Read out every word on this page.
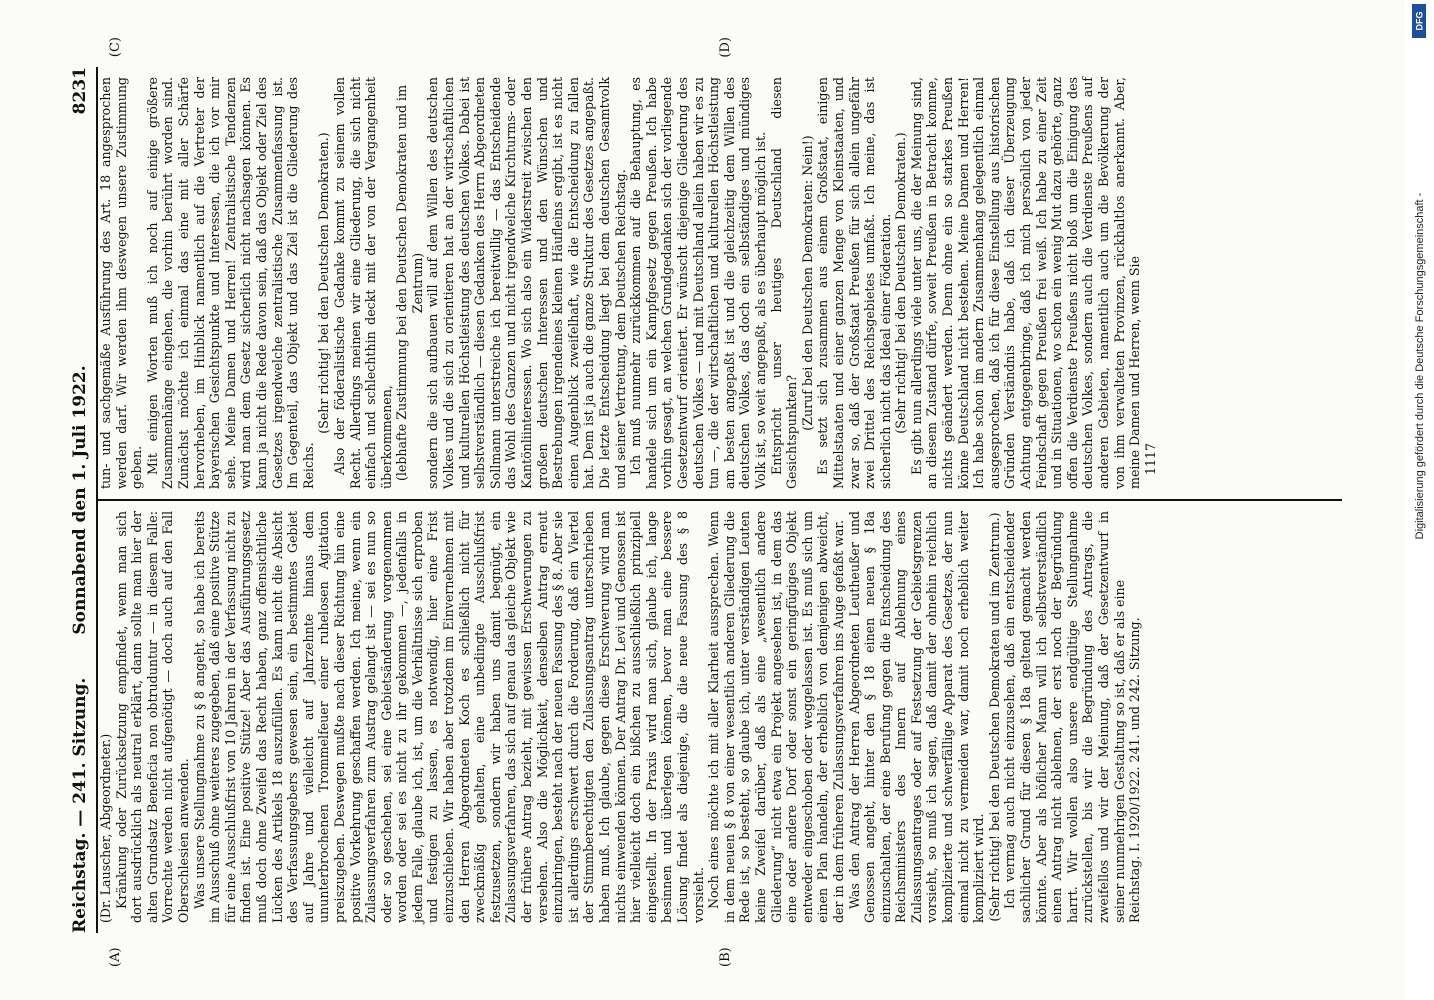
Reichstag. — 241. Sitzung.
Sonnabend den 1. Juli 1922.
8231
(A)	(B)

(Dr. Lauscher, Abgeordneter.) Kränkung oder Zurücksetzung empfindet, wenn man sich dort ausdrücklich als neutral erklärt, dann sollte man hier der alten Grundsatz Beneficia non obtruduntur — in diesem Falle: Vorrechte werden nicht aufgenötigt — doch auch auf den Fall Oberschlesien anwenden. Was unsere Stellungnahme zu § 8 angeht, so habe ich bereits im Ausschuß ohne weiteres zugegeben, daß eine positive Stütze für eine Ausschlußfrist von 10 Jahren in der Verfassung nicht zu finden ist. Eine positive Stütze! Aber das Ausführungsgesetz muß doch ohne Zweifel das Recht haben, ganz offensichtliche Lücken des Artikels 18 auszufüllen. Es kann nicht die Absicht des Verfassungsgebers gewesen sein, ein bestimmtes Gebiet auf Jahre und vielleicht auf Jahrzehnte hinaus dem ununterbrochenen Trommelfeuer einer ruhelosen Agitation preiszugeben. Deswegen mußte nach dieser Richtung hin eine positive Vorkehrung geschaffen werden. Ich meine, wenn ein Zulassungsverfahren zum Austrag gelangt ist — sei es nun so oder so geschehen, sei eine Gebietsänderung vorgenommen worden oder sei es nicht zu ihr gekommen —, jedenfalls in jedem Falle, glaube ich, ist, um die Verhältnisse sich erproben und festigen zu lassen, es notwendig, hier eine Frist einzuschieben. Wir haben aber trotzdem im Einvernehmen mit den Herren Abgeordneten Koch es schließlich nicht für zweckmäßig gehalten, eine unbedingte Ausschlußfrist festzusetzen, sondern wir haben uns damit begnügt, ein Zulassungsverfahren, das sich auf genau das gleiche Objekt wie der frühere Antrag bezieht, mit gewissen Erschwerungen zu versehen. Also die Möglichkeit, denselben Antrag erneut einzubringen, besteht nach der neuen Fassung des § 8. Aber sie ist allerdings erschwert durch die Forderung, daß ein Viertel der Stimmberechtigten den Zulassungsantrag unterschrieben haben muß. Ich glaube, gegen diese Erschwerung wird man nichts einwenden können. Der Antrag Dr. Levi und Genossen ist hier vielleicht doch ein bißchen zu ausschließlich prinzipiell eingestellt. In der Praxis wird man sich, glaube ich, lange besinnen und überlegen können, bevor man eine bessere Lösung findet als diejenige, die die neue Fassung des § 8 vorsieht. Noch eines möchte ich mit aller Klarheit aussprechen. Wenn in dem neuen § 8 von einer wesentlich anderen Gliederung die Rede ist, so besteht, so glaube ich, unter verständigen Leuten keine Zweifel darüber, daß als eine „wesentlich andere Gliederung“ nicht etwa ein Projekt angesehen ist, in dem das eine oder andere Dorf oder sonst ein geringfügiges Objekt entweder eingeschoben oder weggelassen ist. Es muß sich um einen Plan handeln, der erheblich von demjenigen abweicht, der in dem früheren Zulassungsverfahren ins Auge gefaßt war. Was den Antrag der Herren Abgeordneten Leutheußer und Genossen angeht, hinter den § 18 einen neuen § 18a einzuschalten, der eine Berufung gegen die Entscheidung des Reichsministers des Innern auf Ablehnung eines Zulassungsantrages oder auf Festsetzung der Gebietsgrenzen vorsieht, so muß ich sagen, daß damit der ohnehin reichlich komplizierte und schwerfällige Apparat des Gesetzes, der nun einmal nicht zu vermeiden war, damit noch erheblich weiter kompliziert wird. (Sehr richtig! bei den Deutschen Demokraten und im Zentrum.) Ich vermag auch nicht einzusehen, daß ein entscheidender sachlicher Grund für diesen § 18a geltend gemacht werden könnte. Aber als höflicher Mann will ich selbstverständlich einen Antrag nicht ablehnen, der erst noch der Begründung harrt. Wir wollen also unsere endgültige Stellungnahme zurückstellen, bis wir die Begründung des Antrags, die zweifellos und wir der Meinung, daß der Gesetzentwurf in seiner nunmehrigen Gestaltung so ist, daß er als eine Reichstag. I. 1920/1922. 241. und 242. Sitzung.

(C)	(D)

tun- und sachgemäße Ausführung des Art. 18 angesprochen werden darf. Wir werden ihm deswegen unsere Zustimmung geben. Mit einigen Worten muß ich noch auf einige größere Zusammenhänge eingehen, die vorhin berührt worden sind. Zunächst möchte ich einmal das eine mit aller Schärfe hervorheben, im Hinblick namentlich auf die Vertreter der bayerischen Gesichtspunkte und Interessen, die ich vor mir sehe. Meine Damen und Herren! Zentralistische Tendenzen wird man dem Gesetz sicherlich nicht nachsagen können. Es kann ja nicht die Rede davon sein, daß das Objekt oder Ziel des Gesetzes irgendwelche zentralistische Zusammenfassung ist. Im Gegenteil, das Objekt und das Ziel ist die Gliederung des Reichs.

(Sehr richtig! bei den Deutschen Demokraten.) Also der föderalistische Gedanke kommt zu seinem vollen Recht. Allerdings meinen wir eine Gliederung, die sich nicht einfach und schlechthin deckt mit der von der Vergangenheit überkommenen, (lebhafte Zustimmung bei den Deutschen Demokraten und im Zentrum) sondern die sich aufbauen will auf dem Willen des deutschen Volkes und die sich zu orientieren hat an der wirtschaftlichen und kulturellen Höchstleistung des deutschen Volkes. Dabei ist selbstverständlich — diesen Gedanken des Herrn Abgeordneten Sollmann unterstreiche ich bereitwillig — das Entscheidende das Wohl des Ganzen und nicht irgendwelche Kirchturms- oder Kantönliinteressen. Wo sich also ein Widerstreit zwischen den großen deutschen Interessen und den Wünschen und Bestrebungen irgendeines kleinen Häufleins ergibt, ist es nicht einen Augenblick zweifelhaft, wie die Entscheidung zu fallen hat. Dem ist ja auch die ganze Struktur des Gesetzes angepaßt. Die letzte Entscheidung liegt bei dem deutschen Gesamtvolk und seiner Vertretung, dem Deutschen Reichstag. Ich muß nunmehr zurückkommen auf die Behauptung, es handele sich um ein Kampfgesetz gegen Preußen. Ich habe vorhin gesagt, an welchen Grundgedanken sich der vorliegende Gesetzentwurf orientiert. Er wünscht diejenige Gliederung des deutschen Volkes — und mit Deutschland allein haben wir es zu tun —, die der wirtschaftlichen und kulturellen Höchstleistung am besten angepaßt ist und die gleichzeitig dem Willen des deutschen Volkes, das doch ein selbständiges und mündiges Volk ist, so weit angepaßt, als es überhaupt möglich ist. Entspricht unser heutiges Deutschland diesen Gesichtspunkten?

(Zuruf bei den Deutschen Demokraten: Nein!) Es setzt sich zusammen aus einem Großstaat, einigen Mittelstaaten und einer ganzen Menge von Kleinstaaten, und zwar so, daß der Großstaat Preußen für sich allein ungefähr zwei Drittel des Reichsgebietes umfaßt. Ich meine, das ist sicherlich nicht das Ideal einer Föderation. (Sehr richtig! bei den Deutschen Demokraten.) Es gibt nun allerdings viele unter uns, die der Meinung sind, an diesem Zustand dürfe, soweit Preußen in Betracht komme, nichts geändert werden. Denn ohne ein so starkes Preußen könne Deutschland nicht bestehen. Meine Damen und Herren! Ich habe schon im andern Zusammenhang gelegentlich einmal ausgesprochen, daß ich für diese Einstellung aus historischen Gründen Verständnis habe, daß ich dieser Überzeugung Achtung entgegenbringe, daß ich mich persönlich von jeder Feindschaft gegen Preußen frei weiß. Ich habe zu einer Zeit und in Situationen, wo schon ein wenig Mut dazu gehörte, ganz offen die Verdienste Preußens nicht bloß um die Einigung des deutschen Volkes, sondern auch die Verdienste Preußens auf anderen Gebieten, namentlich auch um die Bevölkerung der von ihm verwalteten Provinzen, rückhaltlos anerkannt. Aber, meine Damen und Herren, wenn Sie 1117

DFG
Digitalisierung gefördert durch die Deutsche Forschungsgemeinschaft -
